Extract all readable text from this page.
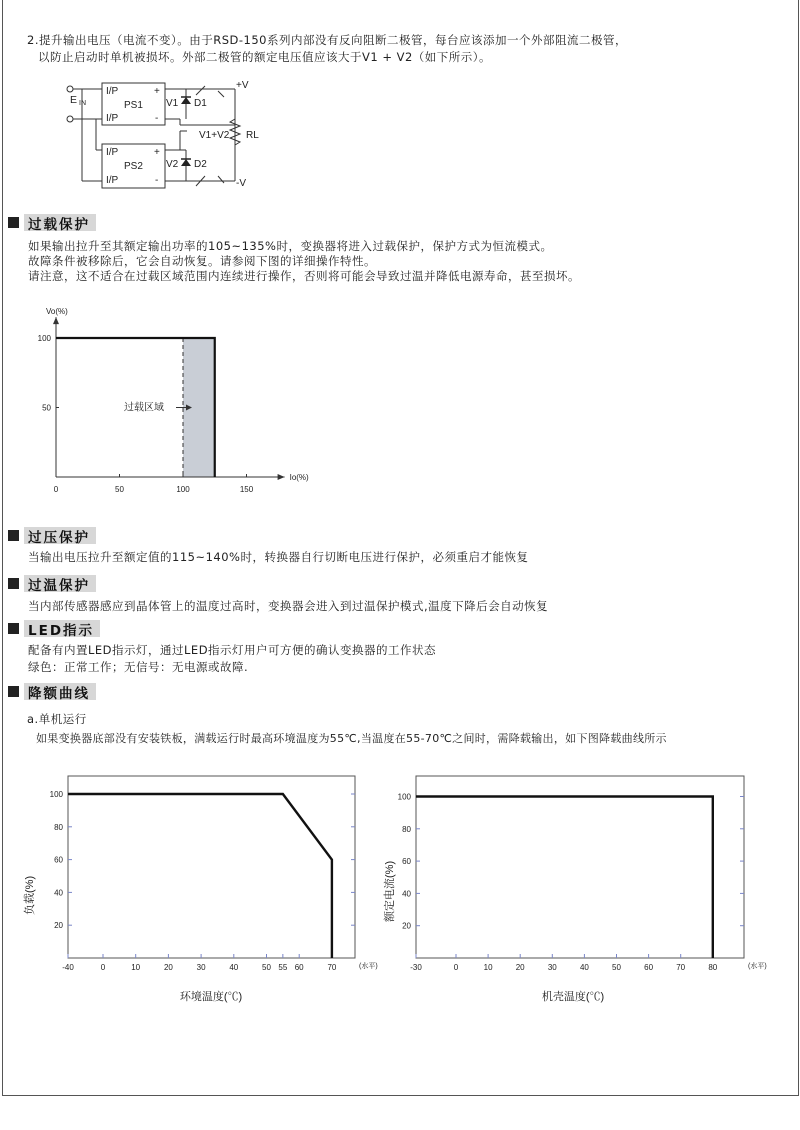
2.提升输出电压（电流不变）。由于RSD-150系列内部没有反向阻断二极管，每台应该添加一个外部阻流二极管，
以防止启动时单机被损坏。外部二极管的额定电压值应该大于V1 + V2（如下所示）。
E IN
I/P
I/P
PS1
+
-
I/P
I/P
PS2
+
-
V1 D1
V2 D2
V1+V2 RL
+V
-V
过载保护
如果输出拉升至其额定输出功率的105~135%时，变换器将进入过载保护，保护方式为恒流模式。
故障条件被移除后，它会自动恢复。请参阅下图的详细操作特性。
请注意，这不适合在过载区域范围内连续进行操作，否则将可能会导致过温并降低电源寿命，甚至损坏。
Vo(%)
Io(%)
0	50	100	150
100
50	过载区域
过压保护
当输出电压拉升至额定值的115~140%时，转换器自行切断电压进行保护，必须重启才能恢复
过温保护
当内部传感器感应到晶体管上的温度过高时，变换器会进入到过温保护模式,温度下降后会自动恢复
LED指示
配备有内置LED指示灯，通过LED指示灯用户可方便的确认变换器的工作状态
绿色：正常工作；无信号：无电源或故障.
降额曲线
a.单机运行
如果变换器底部没有安装铁板，满载运行时最高环境温度为55℃,当温度在55-70℃之间时，需降载输出，如下图降载曲线所示
100
80
60
40
20
-40	0	10	20	30	40	50 55 60	70	(水平)
负载(%)
环境温度(℃)
100
80
60
40
20
-30	0	10	20	30	40	50	60	70	80	(水平)
额定电流(%)
机壳温度(℃)
